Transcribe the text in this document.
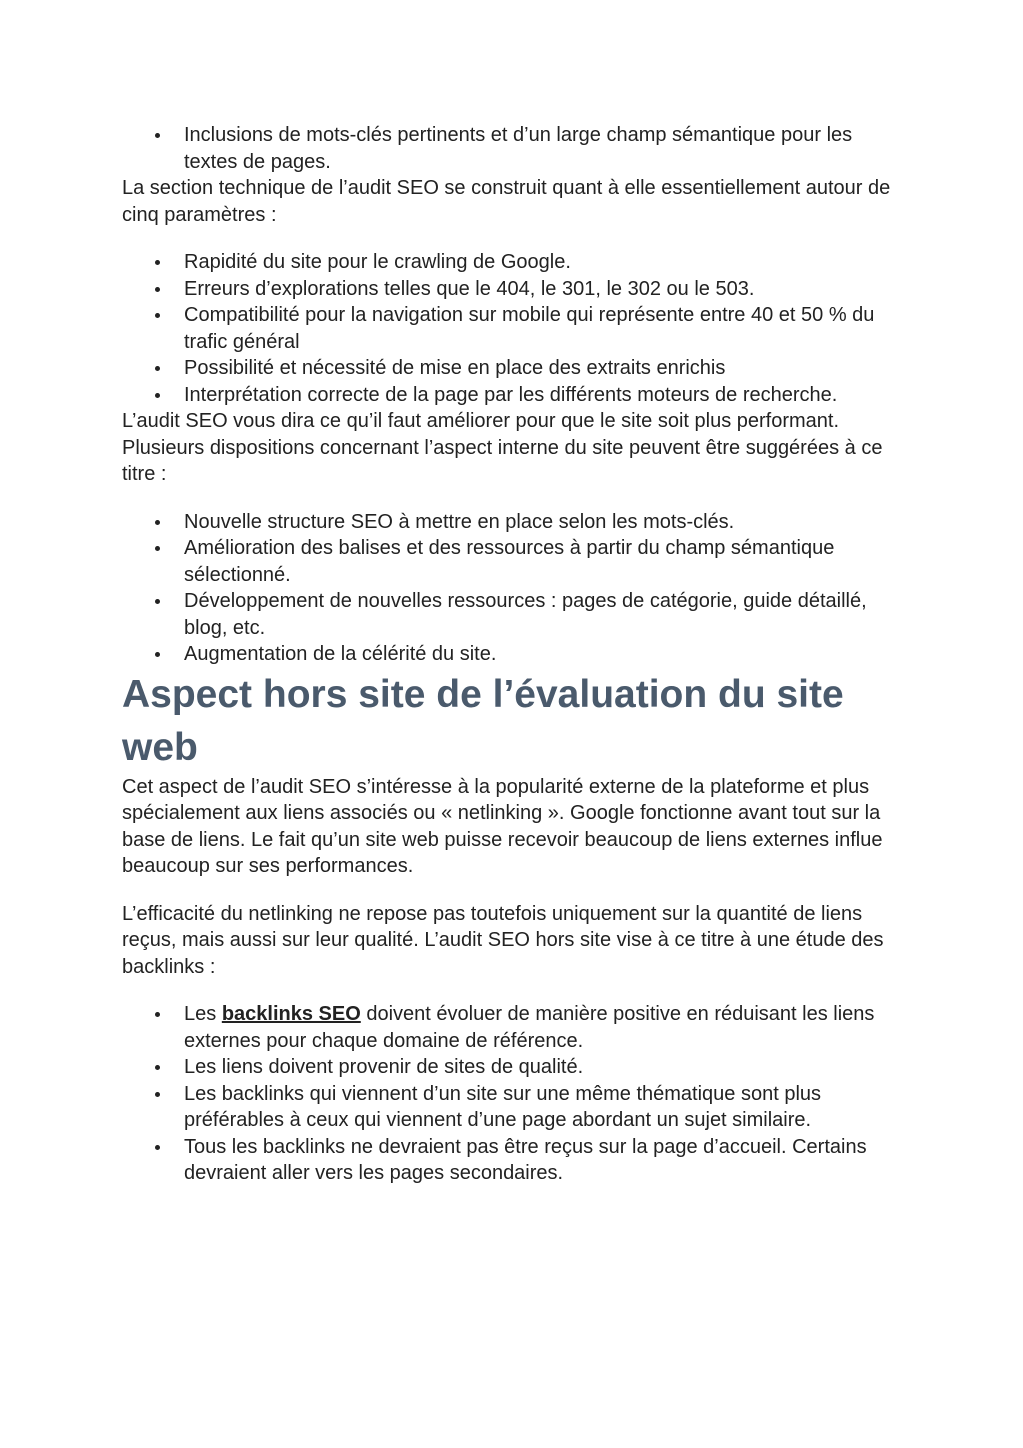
Inclusions de mots-clés pertinents et d’un large champ sémantique pour les textes de pages.

La section technique de l’audit SEO se construit quant à elle essentiellement autour de cinq paramètres :

Rapidité du site pour le crawling de Google.
Erreurs d’explorations telles que le 404, le 301, le 302 ou le 503.
Compatibilité pour la navigation sur mobile qui représente entre 40 et 50 % du trafic général
Possibilité et nécessité de mise en place des extraits enrichis
Interprétation correcte de la page par les différents moteurs de recherche.

L’audit SEO vous dira ce qu’il faut améliorer pour que le site soit plus performant. Plusieurs dispositions concernant l’aspect interne du site peuvent être suggérées à ce titre :

Nouvelle structure SEO à mettre en place selon les mots-clés.
Amélioration des balises et des ressources à partir du champ sémantique sélectionné.
Développement de nouvelles ressources : pages de catégorie, guide détaillé, blog, etc.
Augmentation de la célérité du site.
Aspect hors site de l’évaluation du site web

Cet aspect de l’audit SEO s’intéresse à la popularité externe de la plateforme et plus spécialement aux liens associés ou « netlinking ». Google fonctionne avant tout sur la base de liens. Le fait qu’un site web puisse recevoir beaucoup de liens externes influe beaucoup sur ses performances.

L’efficacité du netlinking ne repose pas toutefois uniquement sur la quantité de liens reçus, mais aussi sur leur qualité. L’audit SEO hors site vise à ce titre à une étude des backlinks :

Les backlinks SEO doivent évoluer de manière positive en réduisant les liens externes pour chaque domaine de référence.
Les liens doivent provenir de sites de qualité.
Les backlinks qui viennent d’un site sur une même thématique sont plus préférables à ceux qui viennent d’une page abordant un sujet similaire.
Tous les backlinks ne devraient pas être reçus sur la page d’accueil. Certains devraient aller vers les pages secondaires.
